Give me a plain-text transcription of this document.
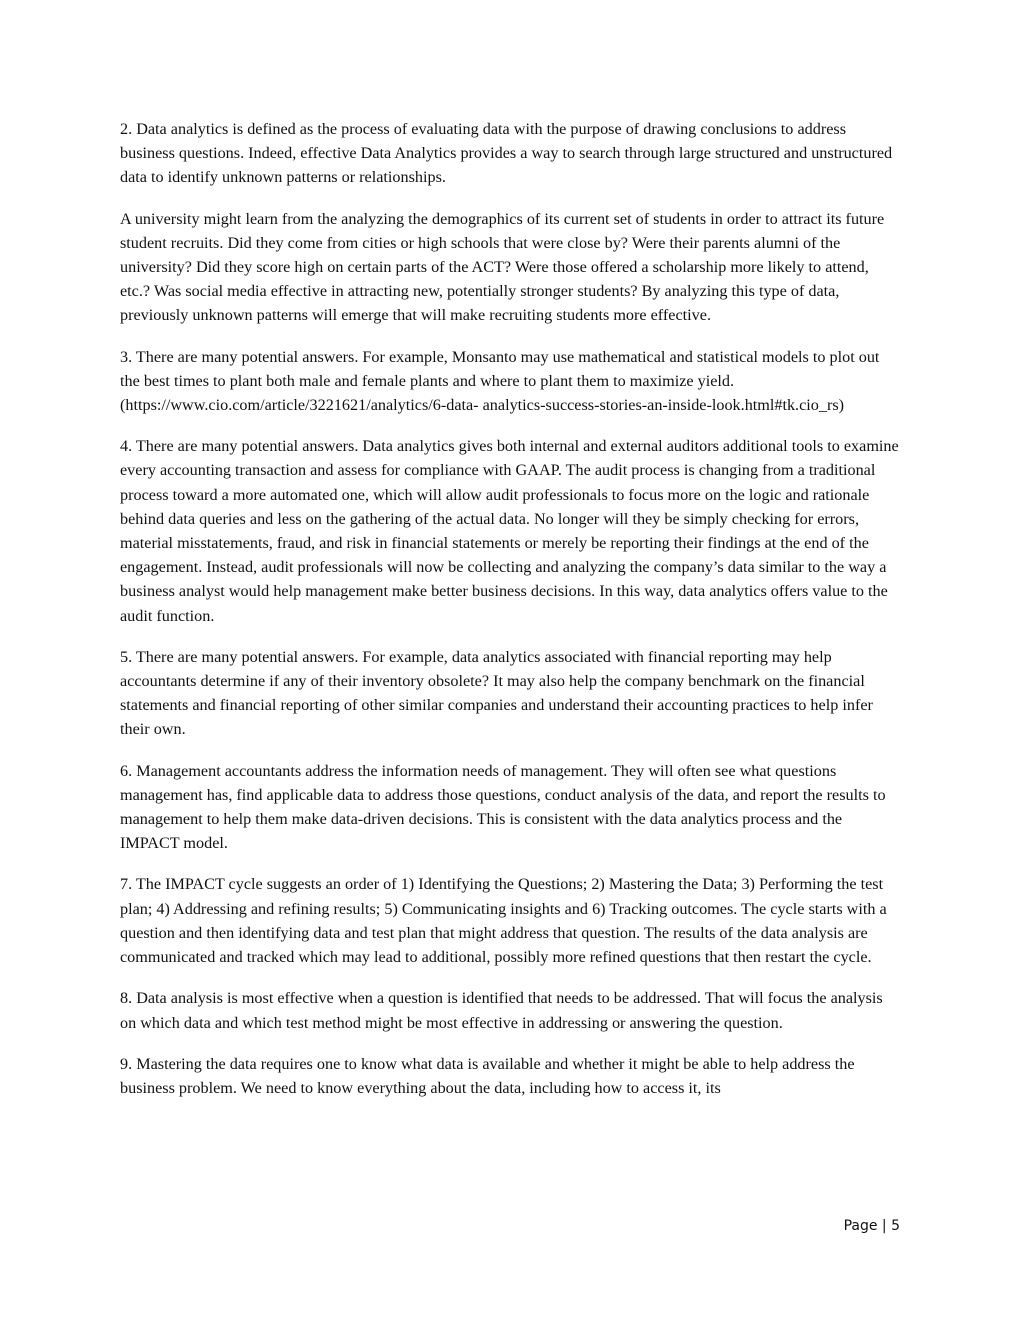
2. Data analytics is defined as the process of evaluating data with the purpose of drawing conclusions to address business questions. Indeed, effective Data Analytics provides a way to search through large structured and unstructured data to identify unknown patterns or relationships.

A university might learn from the analyzing the demographics of its current set of students in order to attract its future student recruits. Did they come from cities or high schools that were close by? Were their parents alumni of the university? Did they score high on certain parts of the ACT? Were those offered a scholarship more likely to attend, etc.? Was social media effective in attracting new, potentially stronger students? By analyzing this type of data, previously unknown patterns will emerge that will make recruiting students more effective.

3. There are many potential answers. For example, Monsanto may use mathematical and statistical models to plot out the best times to plant both male and female plants and where to plant them to maximize yield. (https://www.cio.com/article/3221621/analytics/6-data- analytics-success-stories-an-inside-look.html#tk.cio_rs)

4. There are many potential answers. Data analytics gives both internal and external auditors additional tools to examine every accounting transaction and assess for compliance with GAAP. The audit process is changing from a traditional process toward a more automated one, which will allow audit professionals to focus more on the logic and rationale behind data queries and less on the gathering of the actual data. No longer will they be simply checking for errors, material misstatements, fraud, and risk in financial statements or merely be reporting their findings at the end of the engagement. Instead, audit professionals will now be collecting and analyzing the company’s data similar to the way a business analyst would help management make better business decisions. In this way, data analytics offers value to the audit function.

5. There are many potential answers. For example, data analytics associated with financial reporting may help accountants determine if any of their inventory obsolete? It may also help the company benchmark on the financial statements and financial reporting of other similar companies and understand their accounting practices to help infer their own.

6. Management accountants address the information needs of management. They will often see what questions management has, find applicable data to address those questions, conduct analysis of the data, and report the results to management to help them make data-driven decisions. This is consistent with the data analytics process and the IMPACT model.

7. The IMPACT cycle suggests an order of 1) Identifying the Questions; 2) Mastering the Data; 3) Performing the test plan; 4) Addressing and refining results; 5) Communicating insights and 6) Tracking outcomes. The cycle starts with a question and then identifying data and test plan that might address that question. The results of the data analysis are communicated and tracked which may lead to additional, possibly more refined questions that then restart the cycle.

8. Data analysis is most effective when a question is identified that needs to be addressed. That will focus the analysis on which data and which test method might be most effective in addressing or answering the question.

9. Mastering the data requires one to know what data is available and whether it might be able to help address the business problem. We need to know everything about the data, including how to access it, its

Page | 5
